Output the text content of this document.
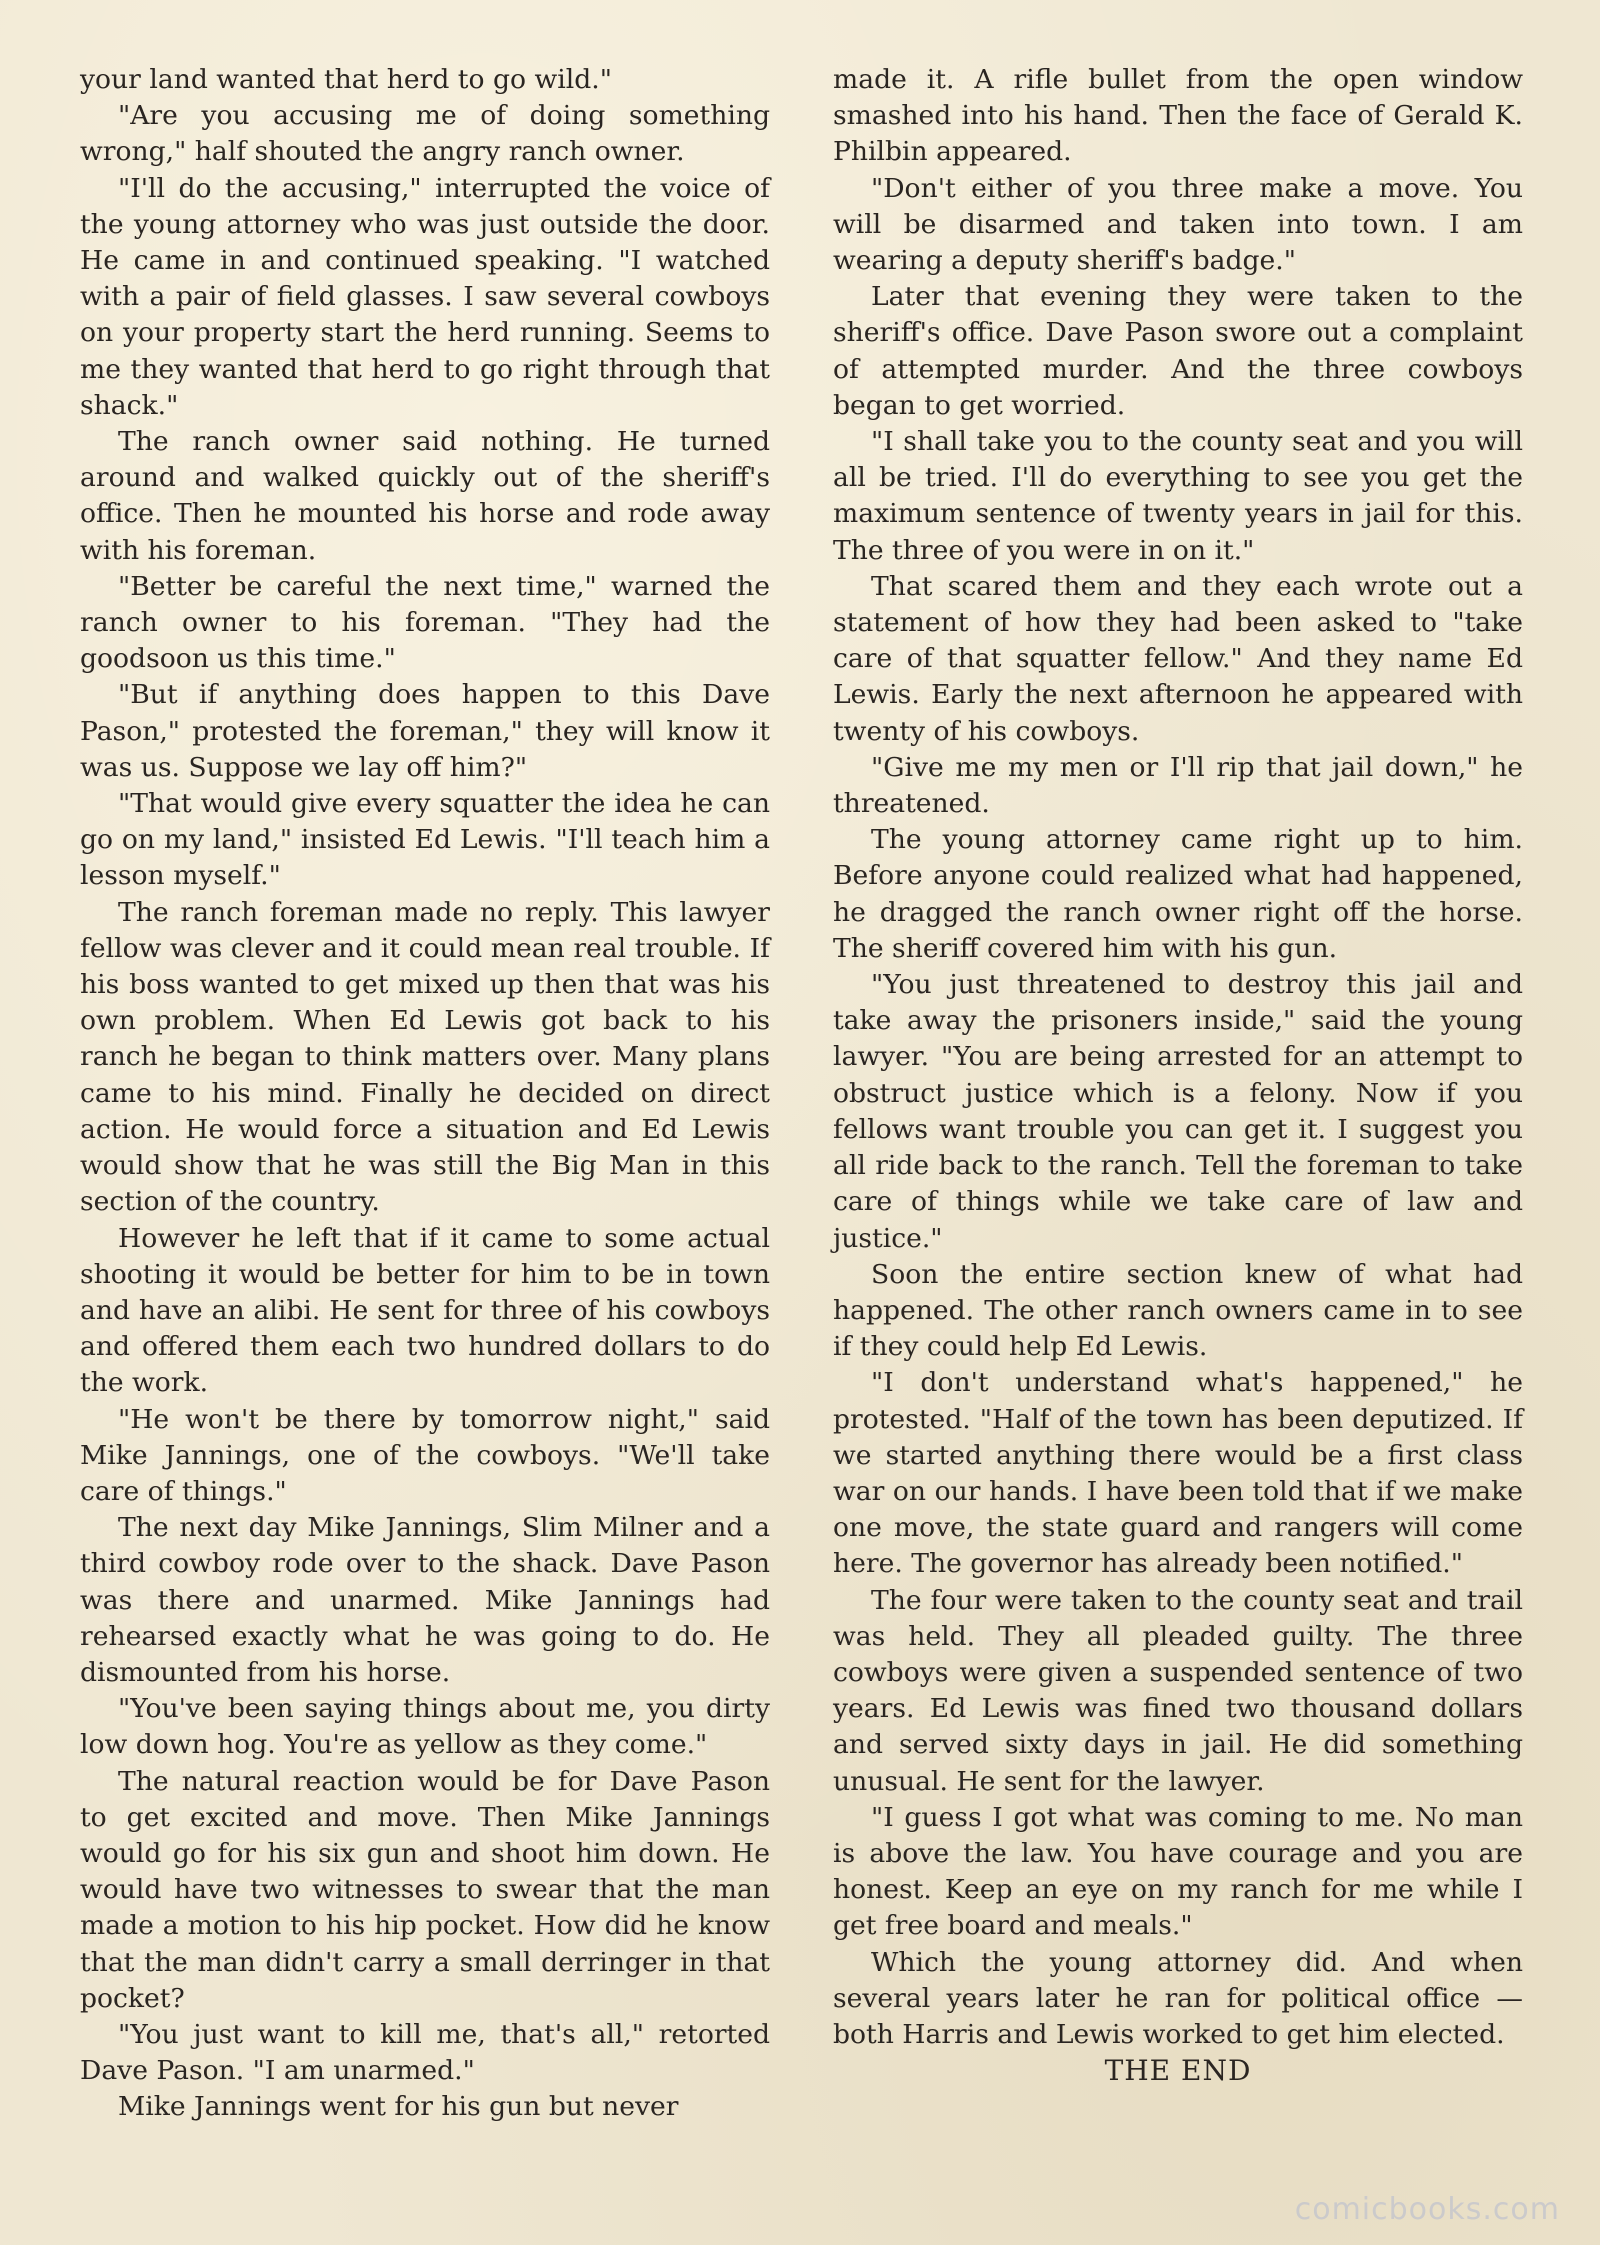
your land wanted that herd to go wild."

"Are you accusing me of doing something wrong," half shouted the angry ranch owner.

"I'll do the accusing," interrupted the voice of the young attorney who was just outside the door. He came in and continued speaking. "I watched with a pair of field glasses. I saw several cowboys on your property start the herd running. Seems to me they wanted that herd to go right through that shack."

The ranch owner said nothing. He turned around and walked quickly out of the sheriff's office. Then he mounted his horse and rode away with his foreman.

"Better be careful the next time," warned the ranch owner to his foreman. "They had the goodsoon us this time."

"But if anything does happen to this Dave Pason," protested the foreman," they will know it was us. Suppose we lay off him?"

"That would give every squatter the idea he can go on my land," insisted Ed Lewis. "I'll teach him a lesson myself."

The ranch foreman made no reply. This lawyer fellow was clever and it could mean real trouble. If his boss wanted to get mixed up then that was his own problem. When Ed Lewis got back to his ranch he began to think matters over. Many plans came to his mind. Finally he decided on direct action. He would force a situation and Ed Lewis would show that he was still the Big Man in this section of the country.

However he left that if it came to some actual shooting it would be better for him to be in town and have an alibi. He sent for three of his cowboys and offered them each two hundred dollars to do the work.

"He won't be there by tomorrow night," said Mike Jannings, one of the cowboys. "We'll take care of things."

The next day Mike Jannings, Slim Milner and a third cowboy rode over to the shack. Dave Pason was there and unarmed. Mike Jannings had rehearsed exactly what he was going to do. He dismounted from his horse.

"You've been saying things about me, you dirty low down hog. You're as yellow as they come."

The natural reaction would be for Dave Pason to get excited and move. Then Mike Jannings would go for his six gun and shoot him down. He would have two witnesses to swear that the man made a motion to his hip pocket. How did he know that the man didn't carry a small derringer in that pocket?

"You just want to kill me, that's all," retorted Dave Pason. "I am unarmed."

Mike Jannings went for his gun but never

made it. A rifle bullet from the open window smashed into his hand. Then the face of Gerald K. Philbin appeared.

"Don't either of you three make a move. You will be disarmed and taken into town. I am wearing a deputy sheriff's badge."

Later that evening they were taken to the sheriff's office. Dave Pason swore out a complaint of attempted murder. And the three cowboys began to get worried.

"I shall take you to the county seat and you will all be tried. I'll do everything to see you get the maximum sentence of twenty years in jail for this. The three of you were in on it."

That scared them and they each wrote out a statement of how they had been asked to "take care of that squatter fellow." And they name Ed Lewis. Early the next afternoon he appeared with twenty of his cowboys.

"Give me my men or I'll rip that jail down," he threatened.

The young attorney came right up to him. Before anyone could realized what had happened, he dragged the ranch owner right off the horse. The sheriff covered him with his gun.

"You just threatened to destroy this jail and take away the prisoners inside," said the young lawyer. "You are being arrested for an attempt to obstruct justice which is a felony. Now if you fellows want trouble you can get it. I suggest you all ride back to the ranch. Tell the foreman to take care of things while we take care of law and justice."

Soon the entire section knew of what had happened. The other ranch owners came in to see if they could help Ed Lewis.

"I don't understand what's happened," he protested. "Half of the town has been deputized. If we started anything there would be a first class war on our hands. I have been told that if we make one move, the state guard and rangers will come here. The governor has already been notified."

The four were taken to the county seat and trail was held. They all pleaded guilty. The three cowboys were given a suspended sentence of two years. Ed Lewis was fined two thousand dollars and served sixty days in jail. He did something unusual. He sent for the lawyer.

"I guess I got what was coming to me. No man is above the law. You have courage and you are honest. Keep an eye on my ranch for me while I get free board and meals."

Which the young attorney did. And when several years later he ran for political office — both Harris and Lewis worked to get him elected.

THE END

comicbooks.com
